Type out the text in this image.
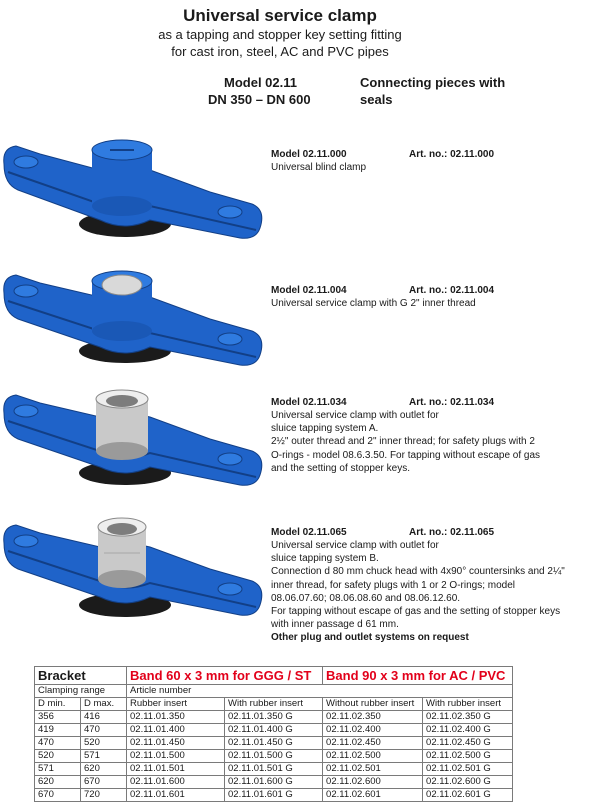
Universal service clamp
as a tapping and stopper key setting fitting
for cast iron, steel, AC and PVC pipes
Model 02.11
DN 350 – DN 600
Connecting pieces with
seals
Model 02.11.000	Art. no.: 02.11.000
Universal blind clamp
Model 02.11.004	Art. no.: 02.11.004
Universal service clamp with G 2" inner thread
Model 02.11.034	Art. no.: 02.11.034
Universal service clamp with outlet for
sluice tapping system A.
2½" outer thread and 2" inner thread; for safety plugs with 2
O-rings - model 08.6.3.50. For tapping without escape of gas
and the setting of stopper keys.
Model 02.11.065	Art. no.: 02.11.065
Universal service clamp with outlet for
sluice tapping system B.
Connection d 80 mm chuck head with 4x90° countersinks and 2¼"
inner thread, for safety plugs with 1 or 2 O-rings; model
08.06.07.60; 08.06.08.60 and 08.06.12.60.
For tapping without escape of gas and the setting of stopper keys
with inner passage d 61 mm.
Other plug and outlet systems on request
Bracket		Band 60 x 3 mm for GGG / ST		Band 90 x 3 mm for AC / PVC	
Clamping range		Article number			
D min.	D max.	Rubber insert	With rubber insert	Without rubber insert	With rubber insert
356	416	02.11.01.350	02.11.01.350 G	02.11.02.350	02.11.02.350 G
419	470	02.11.01.400	02.11.01.400 G	02.11.02.400	02.11.02.400 G
470	520	02.11.01.450	02.11.01.450 G	02.11.02.450	02.11.02.450 G
520	571	02.11.01.500	02.11.01.500 G	02.11.02.500	02.11.02.500 G
571	620	02.11.01.501	02.11.01.501 G	02.11.02.501	02.11.02.501 G
620	670	02.11.01.600	02.11.01.600 G	02.11.02.600	02.11.02.600 G
670	720	02.11.01.601	02.11.01.601 G	02.11.02.601	02.11.02.601 G
